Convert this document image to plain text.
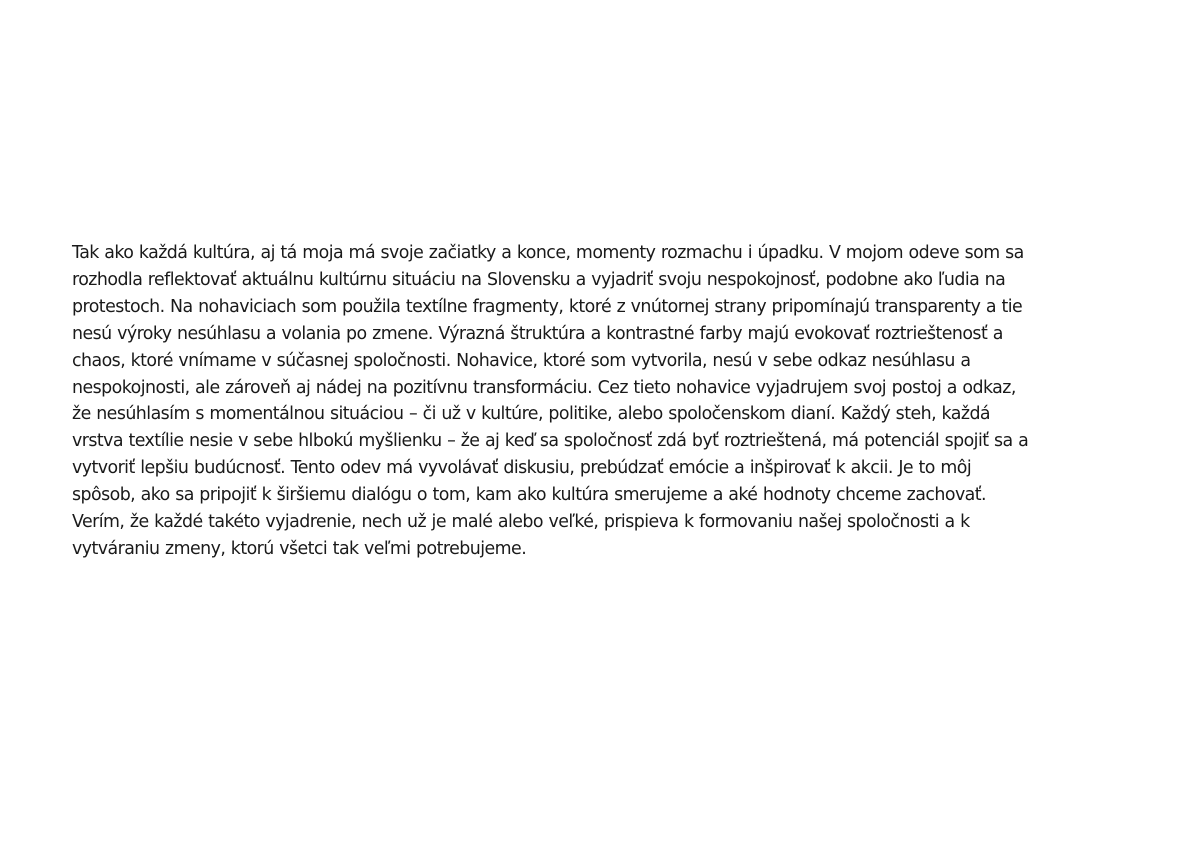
Tak ako každá kultúra, aj tá moja má svoje začiatky a konce, momenty rozmachu i úpadku. V mojom odeve som sa
rozhodla reflektovať aktuálnu kultúrnu situáciu na Slovensku a vyjadriť svoju nespokojnosť, podobne ako ľudia na
protestoch. Na nohaviciach som použila textílne fragmenty, ktoré z vnútornej strany pripomínajú transparenty a tie
nesú výroky nesúhlasu a volania po zmene. Výrazná štruktúra a kontrastné farby majú evokovať roztrieštenosť a
chaos, ktoré vnímame v súčasnej spoločnosti. Nohavice, ktoré som vytvorila, nesú v sebe odkaz nesúhlasu a
nespokojnosti, ale zároveň aj nádej na pozitívnu transformáciu. Cez tieto nohavice vyjadrujem svoj postoj a odkaz,
že nesúhlasím s momentálnou situáciou – či už v kultúre, politike, alebo spoločenskom dianí. Každý steh, každá
vrstva textílie nesie v sebe hlbokú myšlienku – že aj keď sa spoločnosť zdá byť roztrieštená, má potenciál spojiť sa a
vytvoriť lepšiu budúcnosť. Tento odev má vyvolávať diskusiu, prebúdzať emócie a inšpirovať k akcii. Je to môj
spôsob, ako sa pripojiť k širšiemu dialógu o tom, kam ako kultúra smerujeme a aké hodnoty chceme zachovať.
Verím, že každé takéto vyjadrenie, nech už je malé alebo veľké, prispieva k formovaniu našej spoločnosti a k
vytváraniu zmeny, ktorú všetci tak veľmi potrebujeme.
